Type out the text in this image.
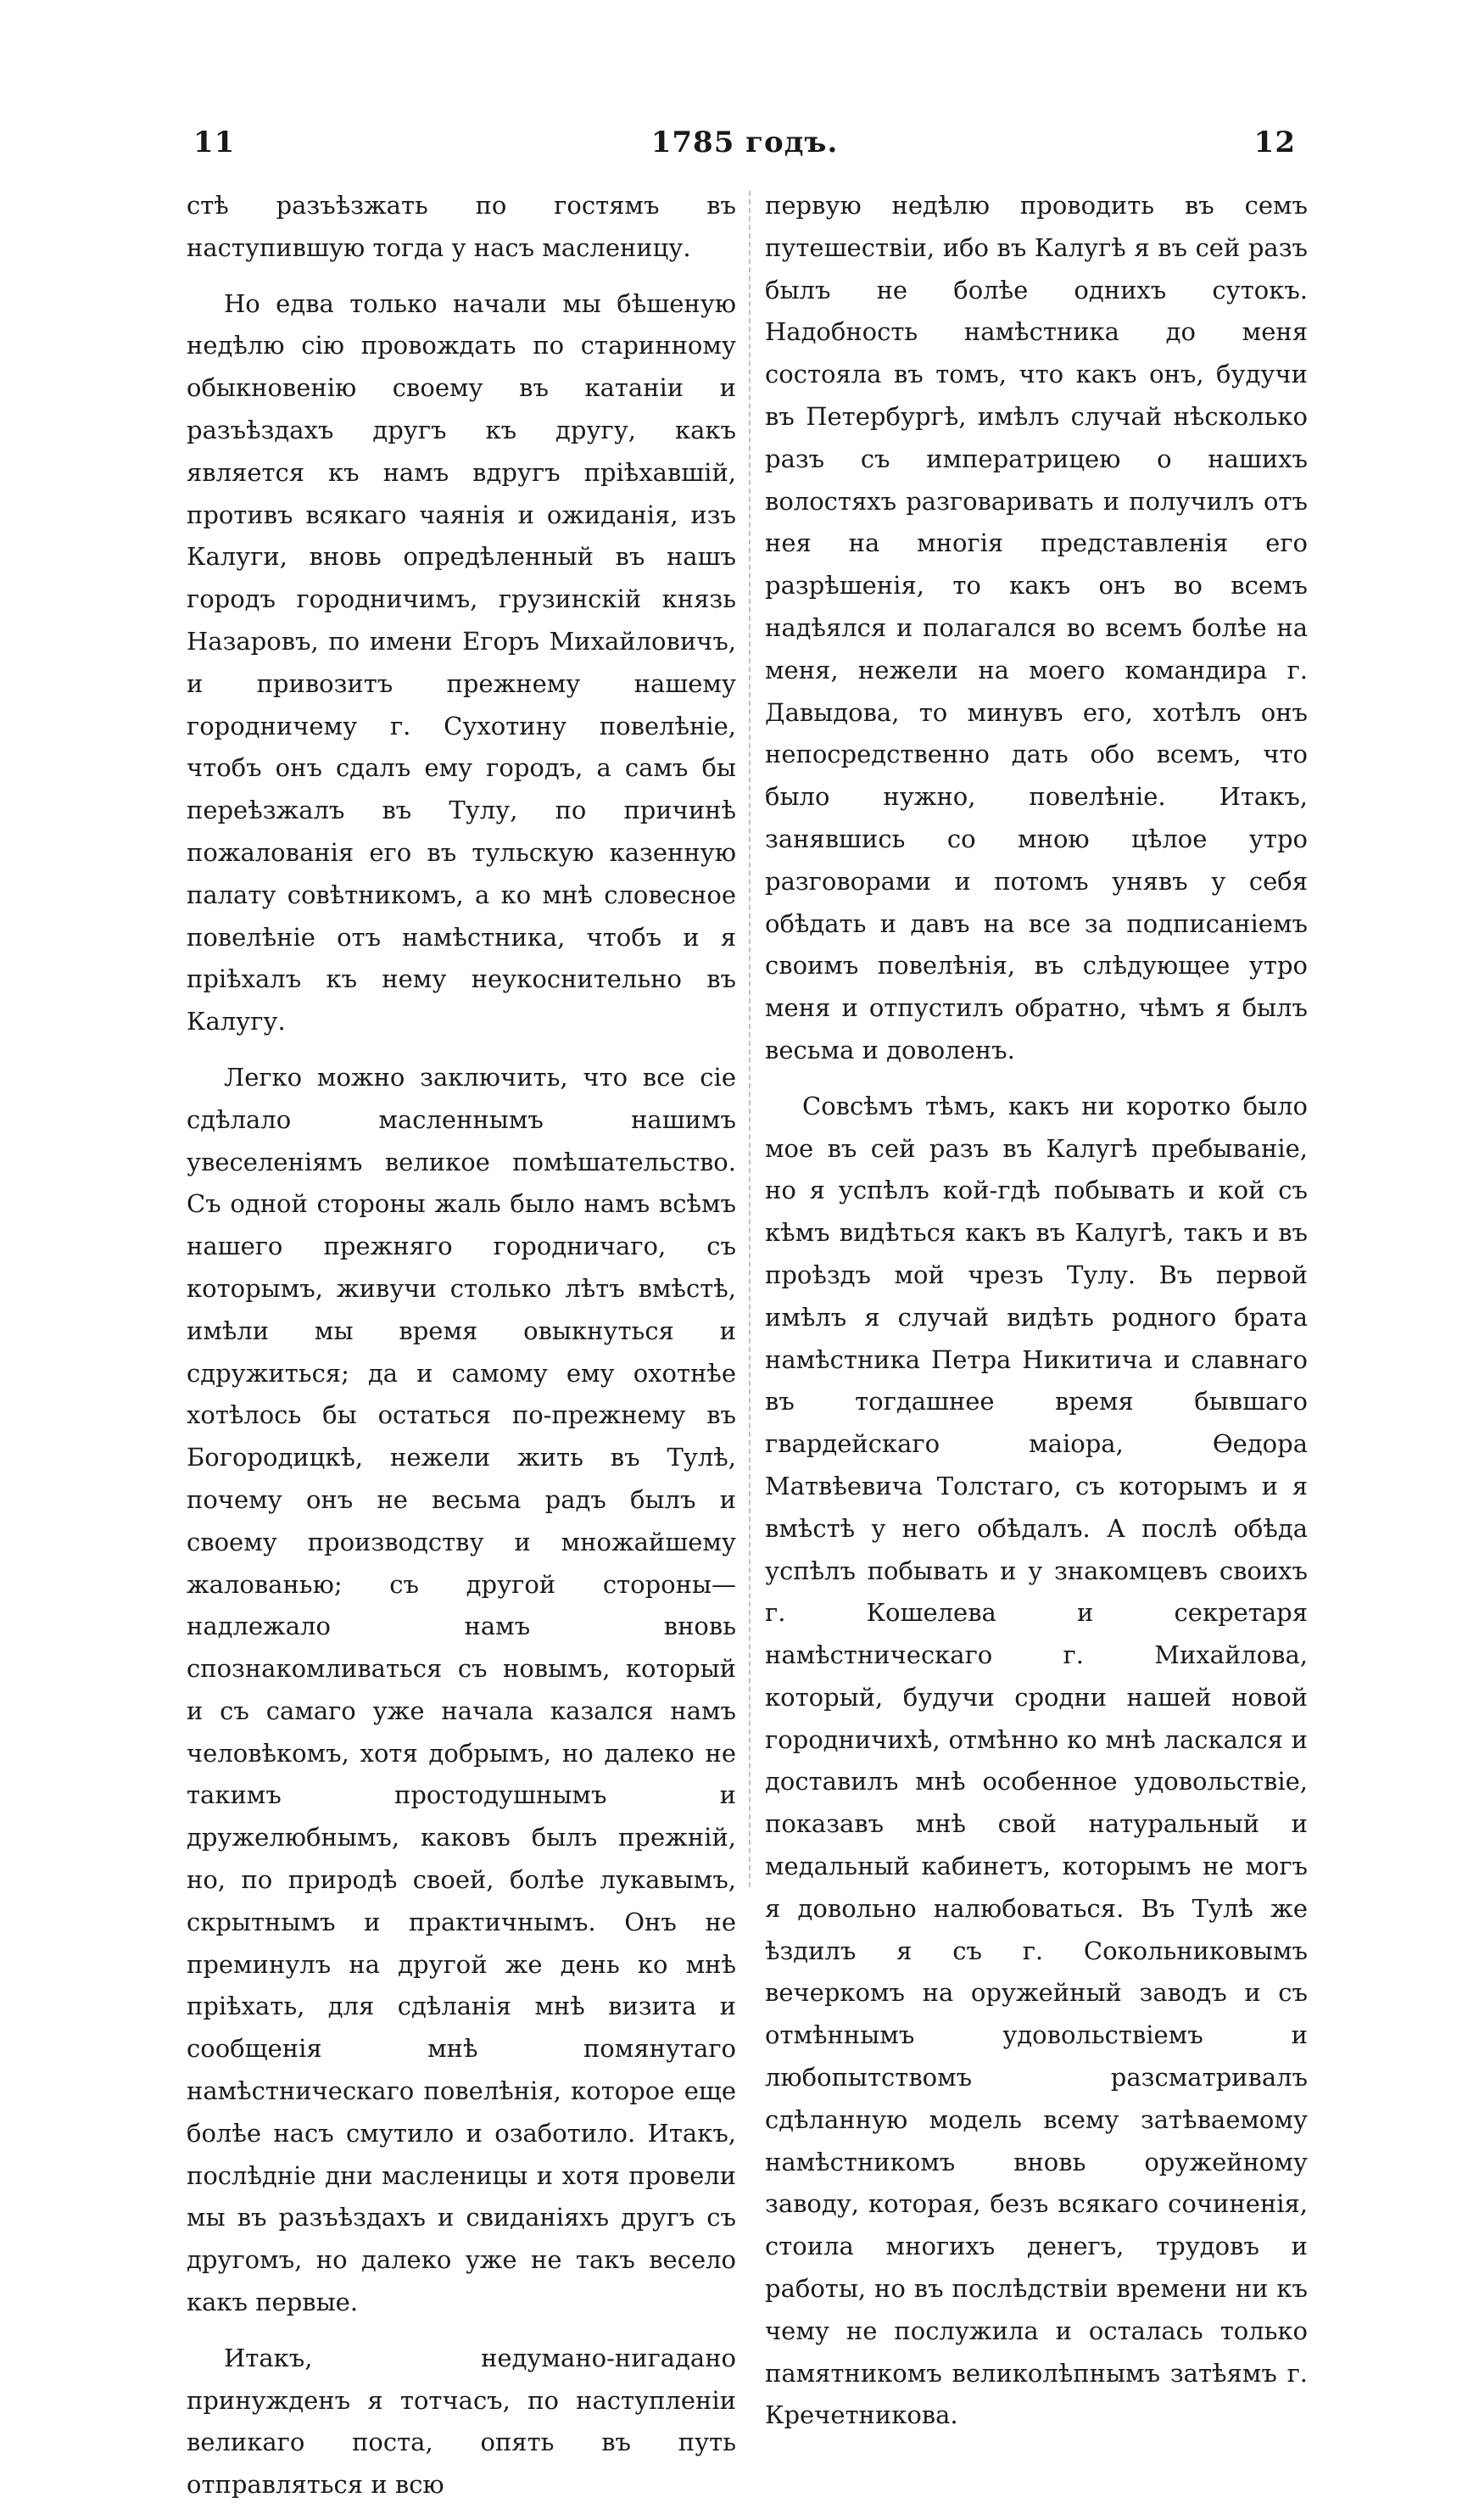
11	1785 годъ.	12

стѣ разъѣзжать по гостямъ въ наступившую тогда у насъ масленицу.

Но едва только начали мы бѣшеную недѣлю сію провождать по старинному обыкновенію своему въ катаніи и разъѣздахъ другъ къ другу, какъ является къ намъ вдругъ пріѣхавшій, противъ всякаго чаянія и ожиданія, изъ Калуги, вновь опредѣленный въ нашъ городъ городничимъ, грузинскій князь Назаровъ, по имени Егоръ Михайловичъ, и привозитъ прежнему нашему городничему г. Сухотину повелѣніе, чтобъ онъ сдалъ ему городъ, а самъ бы переѣзжалъ въ Тулу, по причинѣ пожалованія его въ тульскую казенную палату совѣтникомъ, а ко мнѣ словесное повелѣніе отъ намѣстника, чтобъ и я пріѣхалъ къ нему неукоснительно въ Калугу.

Легко можно заключить, что все сіе сдѣлало масленнымъ нашимъ увеселеніямъ великое помѣшательство. Съ одной стороны жаль было намъ всѣмъ нашего прежняго городничаго, съ которымъ, живучи столько лѣтъ вмѣстѣ, имѣли мы время овыкнуться и сдружиться; да и самому ему охотнѣе хотѣлось бы остаться по-прежнему въ Богородицкѣ, нежели жить въ Тулѣ, почему онъ не весьма радъ былъ и своему производству и множайшему жалованью; съ другой стороны—надлежало намъ вновь спознакомливаться съ новымъ, который и съ самаго уже начала казался намъ человѣкомъ, хотя добрымъ, но далеко не такимъ простодушнымъ и дружелюбнымъ, каковъ былъ прежній, но, по природѣ своей, болѣе лукавымъ, скрытнымъ и практичнымъ. Онъ не преминулъ на другой же день ко мнѣ пріѣхать, для сдѣланія мнѣ визита и сообщенія мнѣ помянутаго намѣстническаго повелѣнія, которое еще болѣе насъ смутило и озаботило. Итакъ, послѣдніе дни масленицы и хотя провели мы въ разъѣздахъ и свиданіяхъ другъ съ другомъ, но далеко уже не такъ весело какъ первые.

Итакъ, недумано-нигадано принужденъ я тотчасъ, по наступленіи великаго поста, опять въ путь отправляться и всю

первую недѣлю проводить въ семъ путешествіи, ибо въ Калугѣ я въ сей разъ былъ не болѣе однихъ сутокъ. Надобность намѣстника до меня состояла въ томъ, что какъ онъ, будучи въ Петербургѣ, имѣлъ случай нѣсколько разъ съ императрицею о нашихъ волостяхъ разговаривать и получилъ отъ нея на многія представленія его разрѣшенія, то какъ онъ во всемъ надѣялся и полагался во всемъ болѣе на меня, нежели на моего командира г. Давыдова, то минувъ его, хотѣлъ онъ непосредственно дать обо всемъ, что было нужно, повелѣніе. Итакъ, занявшись со мною цѣлое утро разговорами и потомъ унявъ у себя обѣдать и давъ на все за подписаніемъ своимъ повелѣнія, въ слѣдующее утро меня и отпустилъ обратно, чѣмъ я былъ весьма и доволенъ.

Совсѣмъ тѣмъ, какъ ни коротко было мое въ сей разъ въ Калугѣ пребываніе, но я успѣлъ кой-гдѣ побывать и кой съ кѣмъ видѣться какъ въ Калугѣ, такъ и въ проѣздъ мой чрезъ Тулу. Въ первой имѣлъ я случай видѣть родного брата намѣстника Петра Никитича и славнаго въ тогдашнее время бывшаго гвардейскаго маіора, Ѳедора Матвѣевича Толстаго, съ которымъ и я вмѣстѣ у него обѣдалъ. А послѣ обѣда успѣлъ побывать и у знакомцевъ своихъ г. Кошелева и секретаря намѣстническаго г. Михайлова, который, будучи сродни нашей новой городничихѣ, отмѣнно ко мнѣ ласкался и доставилъ мнѣ особенное удовольствіе, показавъ мнѣ свой натуральный и медальный кабинетъ, которымъ не могъ я довольно налюбоваться. Въ Тулѣ же ѣздилъ я съ г. Сокольниковымъ вечеркомъ на оружейный заводъ и съ отмѣннымъ удовольствіемъ и любопытствомъ разсматривалъ сдѣланную модель всему затѣваемому намѣстникомъ вновь оружейному заводу, которая, безъ всякаго сочиненія, стоила многихъ денегъ, трудовъ и работы, но въ послѣдствіи времени ни къ чему не послужила и осталась только памятникомъ великолѣпнымъ затѣямъ г. Кречетникова.
